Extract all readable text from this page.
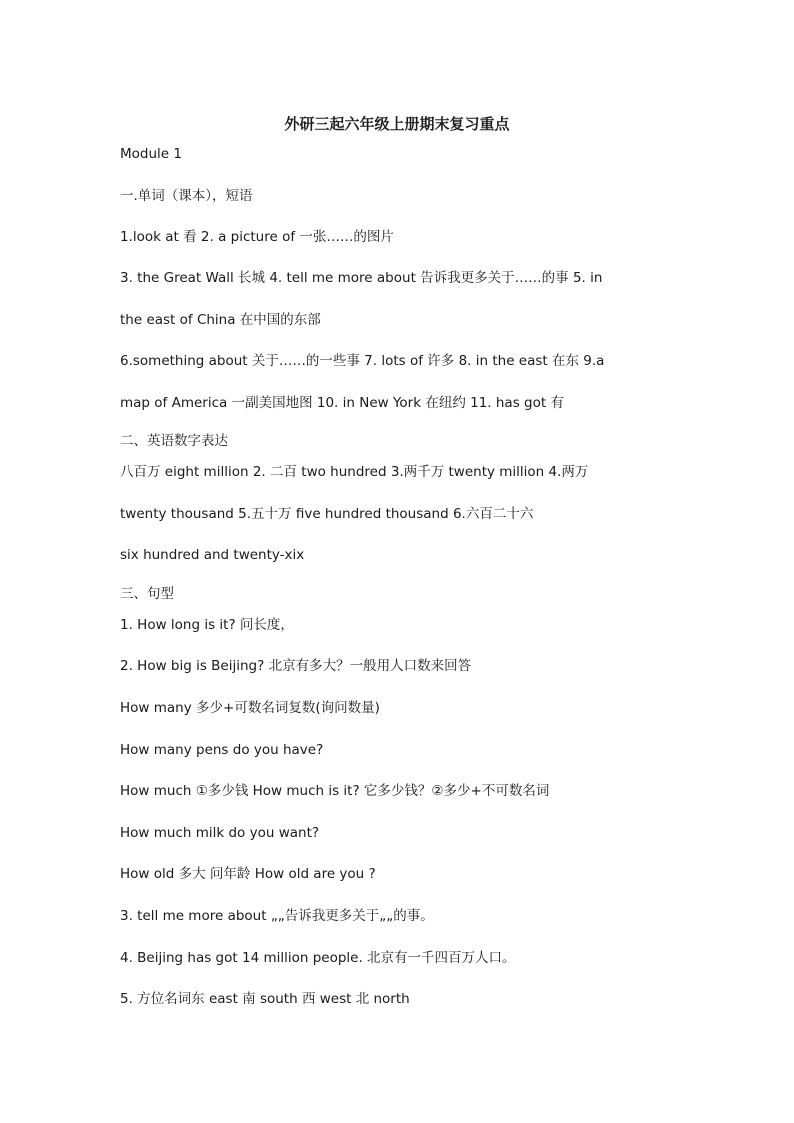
外研三起六年级上册期末复习重点
Module 1
一.单词（课本），短语
1.look at 看 2. a picture of 一张……的图片
3. the Great Wall 长城 4. tell me more about 告诉我更多关于……的事 5. in
the east of China 在中国的东部
6.something about 关于……的一些事 7. lots of 许多 8. in the east 在东 9.a
map of America 一副美国地图 10. in New York 在纽约 11. has got 有
二、英语数字表达
八百万 eight million 2. 二百 two hundred 3.两千万 twenty million 4.两万
twenty thousand 5.五十万 five hundred thousand 6.六百二十六
six hundred and twenty-xix
三、句型
1. How long is it? 问长度，
2. How big is Beijing? 北京有多大？一般用人口数来回答
How many 多少+可数名词复数(询问数量)
How many pens do you have?
How much ①多少钱 How much is it? 它多少钱？②多少+不可数名词
How much milk do you want?
How old 多大 问年龄 How old are you ?
3. tell me more about „„告诉我更多关于„„的事。
4. Beijing has got 14 million people. 北京有一千四百万人口。
5. 方位名词东 east 南 south 西 west 北 north
